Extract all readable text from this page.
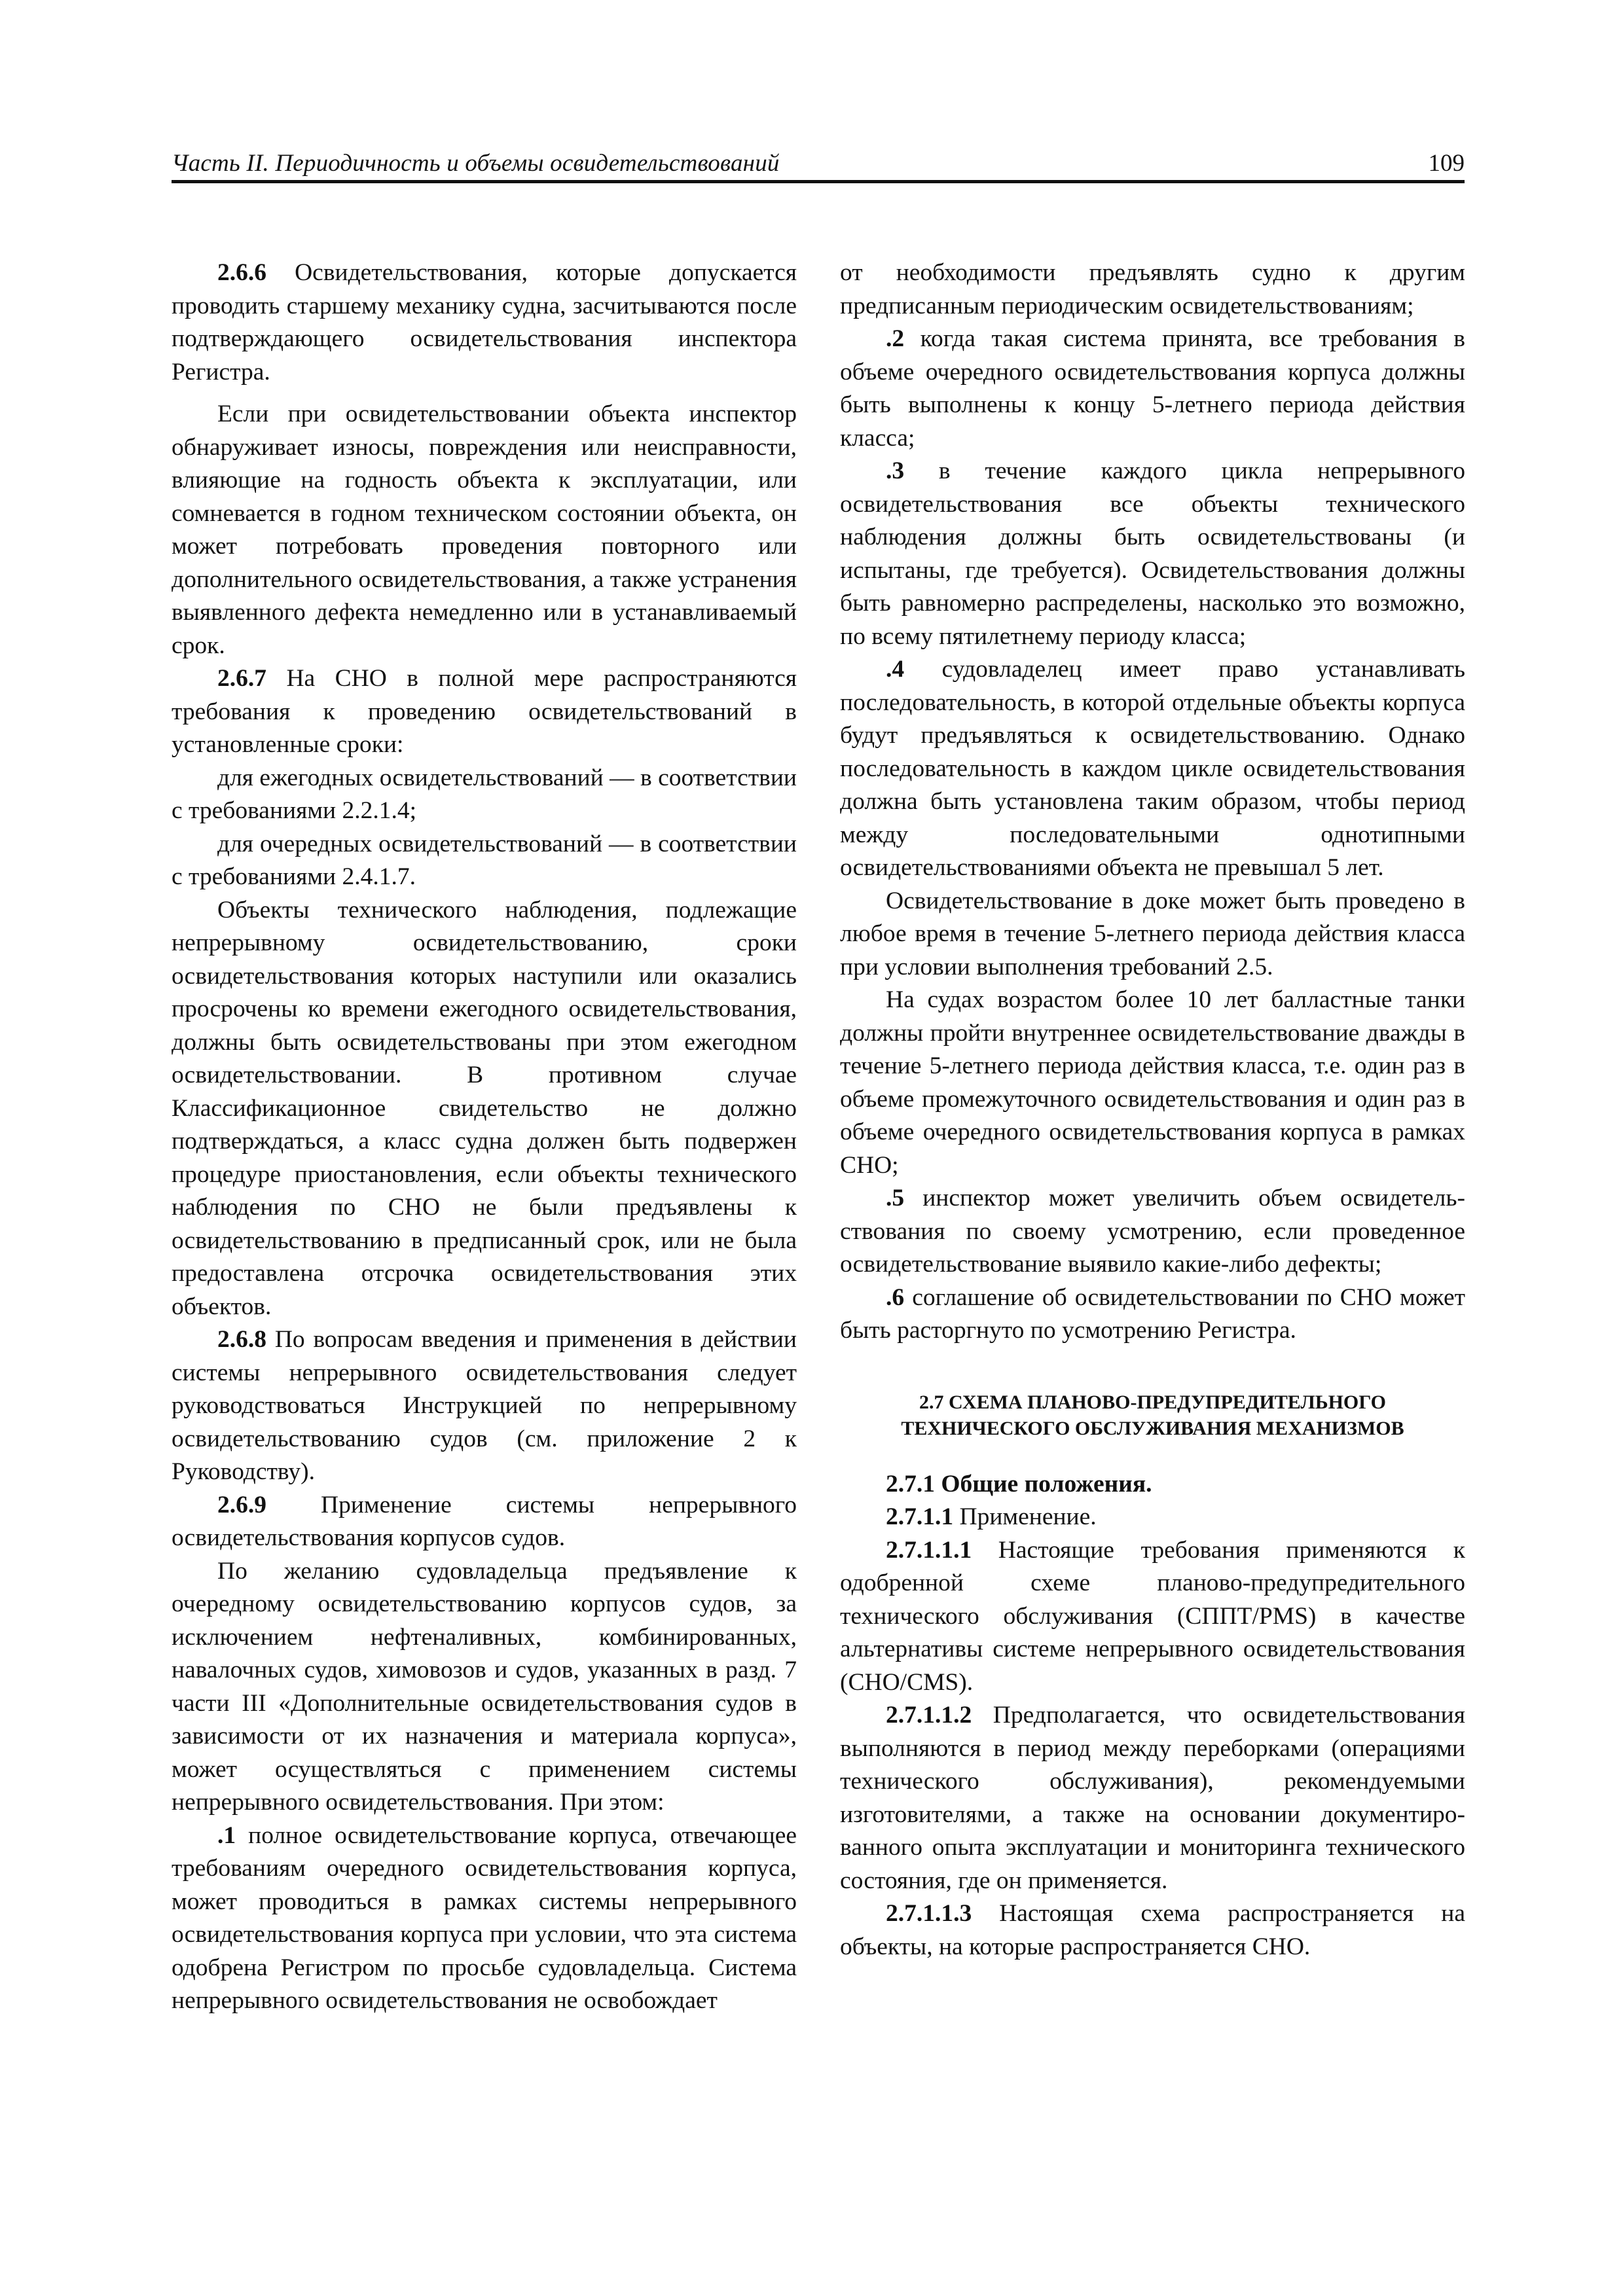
Часть II. Периодичность и объемы освидетельствований	109

2.6.6 Освидетельствования, которые допускается проводить старшему механику судна, засчитываются после подтверждающего освидетельствования инспектора Регистра.

Если при освидетельствовании объекта инспектор обнаруживает износы, повреждения или неисправности, влияющие на годность объекта к эксплуатации, или сомневается в годном техническом состоянии объекта, он может потребовать проведения повторного или дополнительного освидетельствования, а также устранения выявленного дефекта немедленно или в устанавливаемый срок.

2.6.7 На СНО в полной мере распространяются требования к проведению освидетельствований в установленные сроки:

для ежегодных освидетельствований — в соответствии с требованиями 2.2.1.4;

для очередных освидетельствований — в соответствии с требованиями 2.4.1.7.

Объекты технического наблюдения, подлежащие непрерывному освидетельствованию, сроки освидетельствования которых наступили или оказались просрочены ко времени ежегодного освидетельствования, должны быть освидетельствованы при этом ежегодном освидетельствовании. В противном случае Классификационное свидетельство не должно подтверждаться, а класс судна должен быть подвержен процедуре приостановления, если объекты технического наблюдения по СНО не были предъявлены к освидетельствованию в предписанный срок, или не была предоставлена отсрочка освидетельствования этих объектов.

2.6.8 По вопросам введения и применения в действии системы непрерывного освидетельствования следует руководствоваться Инструкцией по непрерывному освидетельствованию судов (см. приложение 2 к Руководству).

2.6.9 Применение системы непрерывного освидетельствования корпусов судов.

По желанию судовладельца предъявление к очередному освидетельствованию корпусов судов, за исключением нефтеналивных, комбинированных, навалочных судов, химовозов и судов, указанных в разд. 7 части III «Дополнительные освидетельствования судов в зависимости от их назначения и материала корпуса», может осуществляться с применением системы непрерывного освидетельствования. При этом:

.1 полное освидетельствование корпуса, отвечающее требованиям очередного освидетельствования корпуса, может проводиться в рамках системы непрерывного освидетельствования корпуса при условии, что эта система одобрена Регистром по просьбе судовладельца. Система непрерывного освидетельствования не освобождает

от необходимости предъявлять судно к другим предписанным периодическим освидетельствованиям;

.2 когда такая система принята, все требования в объеме очередного освидетельствования корпуса должны быть выполнены к концу 5-летнего периода действия класса;

.3 в течение каждого цикла непрерывного освидетельствования все объекты технического наблюдения должны быть освидетельствованы (и испытаны, где требуется). Освидетельствования должны быть равномерно распределены, насколько это возможно, по всему пятилетнему периоду класса;

.4 судовладелец имеет право устанавливать последовательность, в которой отдельные объекты корпуса будут предъявляться к освидетельствованию. Однако последовательность в каждом цикле освидетельствования должна быть установлена таким образом, чтобы период между последовательными однотипными освидетельствованиями объекта не превышал 5 лет.

Освидетельствование в доке может быть проведено в любое время в течение 5-летнего периода действия класса при условии выполнения требований 2.5.

На судах возрастом более 10 лет балластные танки должны пройти внутреннее освидетельствование дважды в течение 5-летнего периода действия класса, т.е. один раз в объеме промежуточного освидетельствования и один раз в объеме очередного освидетельствования корпуса в рамках СНО;

.5 инспектор может увеличить объем освидетельствования по своему усмотрению, если проведенное освидетельствование выявило какие-либо дефекты;

.6 соглашение об освидетельствовании по СНО может быть расторгнуто по усмотрению Регистра.

2.7 СХЕМА ПЛАНОВО-ПРЕДУПРЕДИТЕЛЬНОГО
ТЕХНИЧЕСКОГО ОБСЛУЖИВАНИЯ МЕХАНИЗМОВ

2.7.1 Общие положения.

2.7.1.1 Применение.

2.7.1.1.1 Настоящие требования применяются к одобренной схеме планово-предупредительного технического обслуживания (СППТ/PMS) в качестве альтернативы системе непрерывного освидетельствования (СНО/CMS).

2.7.1.1.2 Предполагается, что освидетельствования выполняются в период между переборками (операциями технического обслуживания), рекомендуемыми изготовителями, а также на основании документированного опыта эксплуатации и мониторинга технического состояния, где он применяется.

2.7.1.1.3 Настоящая схема распространяется на объекты, на которые распространяется СНО.
